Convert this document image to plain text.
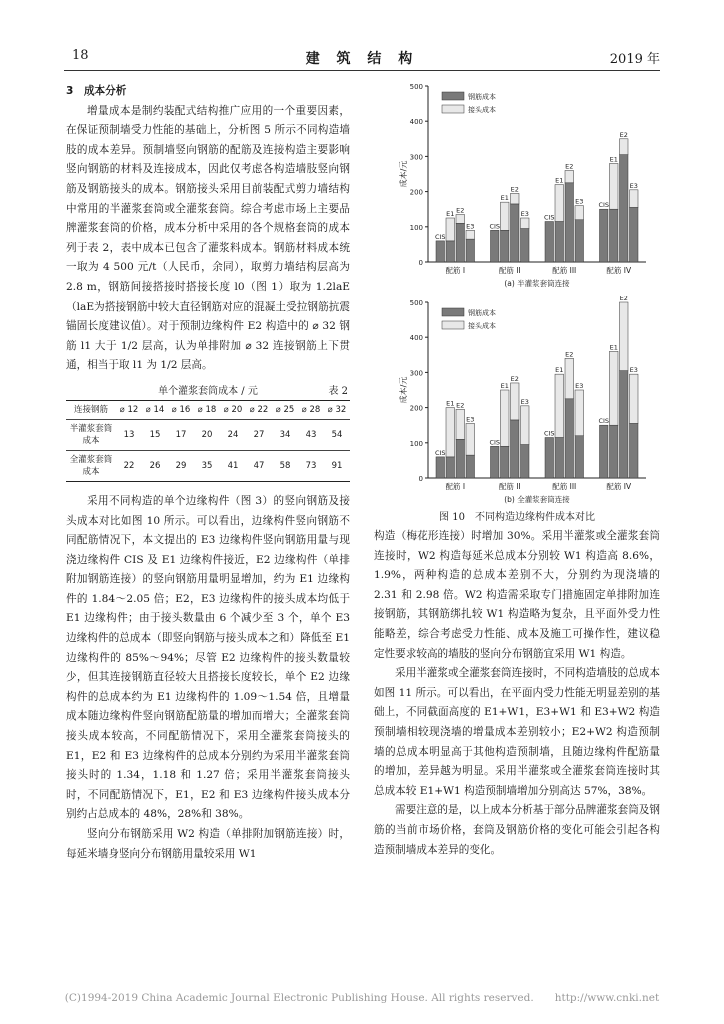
18	建 筑 结 构	2019 年

3　成本分析

增量成本是制约装配式结构推广应用的一个重要因素，在保证预制墙受力性能的基础上，分析图 5 所示不同构造墙肢的成本差异。预制墙竖向钢筋的配筋及连接构造主要影响竖向钢筋的材料及连接成本，因此仅考虑各构造墙肢竖向钢筋及钢筋接头的成本。钢筋接头采用目前装配式剪力墙结构中常用的半灌浆套筒或全灌浆套筒。综合考虑市场上主要品牌灌浆套筒的价格，成本分析中采用的各个规格套筒的成本列于表 2，表中成本已包含了灌浆料成本。钢筋材料成本统一取为 4 500 元/t（人民币，余同），取剪力墙结构层高为 2.8 m，钢筋间接搭接时搭接长度 l0（图 1）取为 1.2laE（laE为搭接钢筋中较大直径钢筋对应的混凝土受拉钢筋抗震锚固长度建议值）。对于预制边缘构件 E2 构造中的 ⌀ 32 钢筋 l1 大于 1/2 层高，认为单排附加 ⌀ 32 连接钢筋上下贯通，相当于取 l1 为 1/2 层高。

单个灌浆套筒成本 / 元	表 2
连接钢筋	⌀ 12	⌀ 14	⌀ 16	⌀ 18	⌀ 20	⌀ 22	⌀ 25	⌀ 28	⌀ 32
半灌浆套筒成本	13	15	17	20	24	27	34	43	54
全灌浆套筒成本	22	26	29	35	41	47	58	73	91

采用不同构造的单个边缘构件（图 3）的竖向钢筋及接头成本对比如图 10 所示。可以看出，边缘构件竖向钢筋不同配筋情况下，本文提出的 E3 边缘构件竖向钢筋用量与现浇边缘构件 CIS 及 E1 边缘构件接近，E2 边缘构件（单排附加钢筋连接）的竖向钢筋用量明显增加，约为 E1 边缘构件的 1.84～2.05 倍；E2，E3 边缘构件的接头成本均低于 E1 边缘构件；由于接头数量由 6 个减少至 3 个，单个 E3 边缘构件的总成本（即竖向钢筋与接头成本之和）降低至 E1 边缘构件的 85%～94%；尽管 E2 边缘构件的接头数量较少，但其连接钢筋直径较大且搭接长度较长，单个 E2 边缘构件的总成本约为 E1 边缘构件的 1.09～1.54 倍，且增量成本随边缘构件竖向钢筋配筋量的增加而增大；全灌浆套筒接头成本较高，不同配筋情况下，采用全灌浆套筒接头的 E1，E2 和 E3 边缘构件的总成本分别约为采用半灌浆套筒接头时的 1.34，1.18 和 1.27 倍；采用半灌浆套筒接头时，不同配筋情况下，E1，E2 和 E3 边缘构件接头成本分别约占总成本的 48%，28%和 38%。

竖向分布钢筋采用 W2 构造（单排附加钢筋连接）时，每延米墙身竖向分布钢筋用量较采用 W1

0
100
200
300
400
500
成本/元
钢筋成本
接头成本
CIS
E1 E2
E3
配筋 I
CIS
E1
E2
E3
配筋 II
CIS
E1
E2
E3
配筋 III
CIS
E1
E2
E3
配筋 IV
(a) 半灌浆套筒连接
0
100
200
300
400
500
成本/元
钢筋成本
接头成本
CIS
E1 E2
E3
配筋 I
CIS
E1
E2
E3
配筋 II
CIS
E1
E2
E3
配筋 III
CIS
E1
E2
E3
配筋 IV
(b) 全灌浆套筒连接
图 10　不同构造边缘构件成本对比

构造（梅花形连接）时增加 30%。采用半灌浆或全灌浆套筒连接时，W2 构造每延米总成本分别较 W1 构造高 8.6%，1.9%，两种构造的总成本差别不大，分别约为现浇墙的 2.31 和 2.98 倍。W2 构造需采取专门措施固定单排附加连接钢筋，其钢筋绑扎较 W1 构造略为复杂，且平面外受力性能略差，综合考虑受力性能、成本及施工可操作性，建议稳定性要求较高的墙肢的竖向分布钢筋宜采用 W1 构造。

采用半灌浆或全灌浆套筒连接时，不同构造墙肢的总成本如图 11 所示。可以看出，在平面内受力性能无明显差别的基础上，不同截面高度的 E1+W1，E3+W1 和 E3+W2 构造预制墙相较现浇墙的增量成本差别较小；E2+W2 构造预制墙的总成本明显高于其他构造预制墙，且随边缘构件配筋量的增加，差异越为明显。采用半灌浆或全灌浆套筒连接时其总成本较 E1+W1 构造预制墙增加分别高达 57%，38%。

需要注意的是，以上成本分析基于部分品牌灌浆套筒及钢筋的当前市场价格，套筒及钢筋价格的变化可能会引起各构造预制墙成本差异的变化。

(C)1994-2019 China Academic Journal Electronic Publishing House. All rights reserved.　　http://www.cnki.net
